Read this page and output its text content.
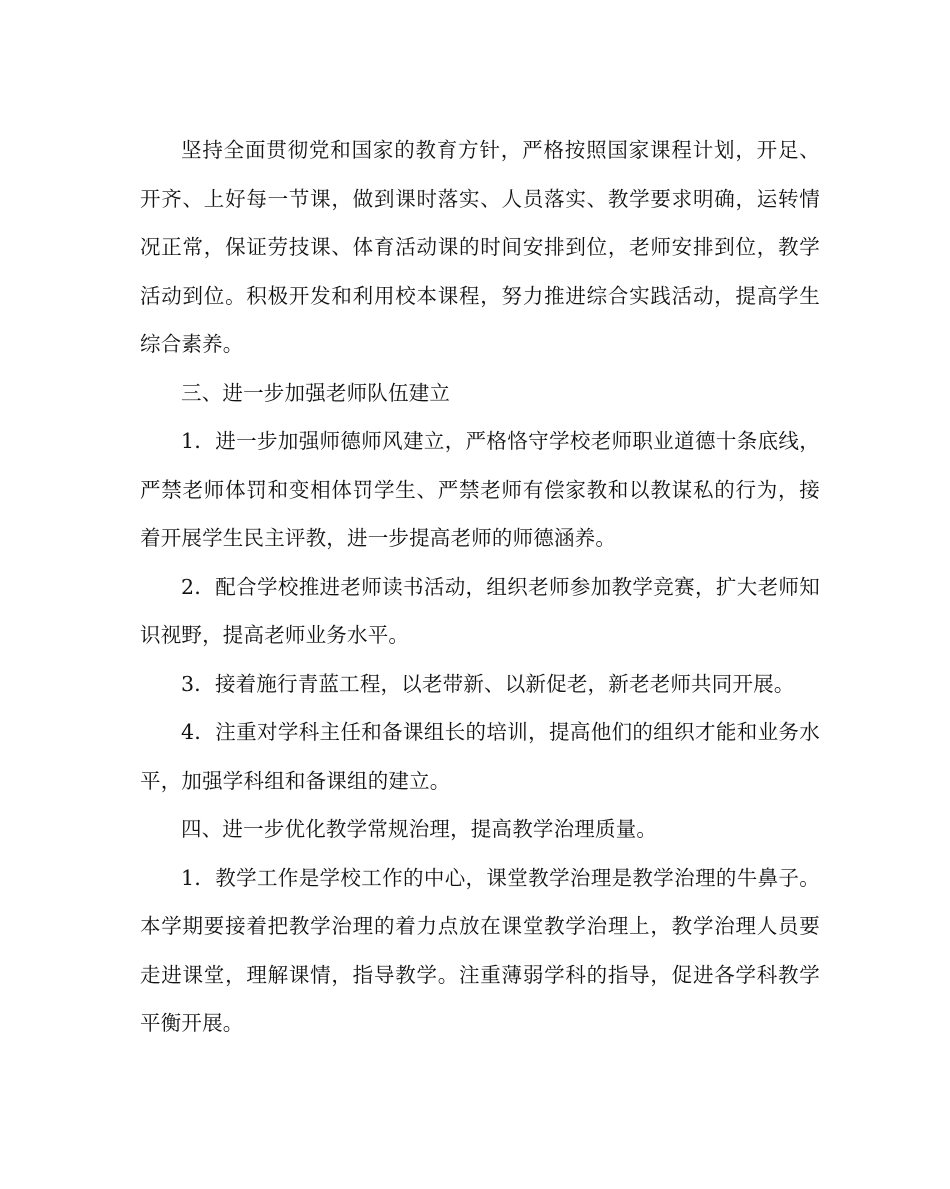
坚持全面贯彻党和国家的教育方针，严格按照国家课程计划，开足、开齐、上好每一节课，做到课时落实、人员落实、教学要求明确，运转情况正常，保证劳技课、体育活动课的时间安排到位，老师安排到位，教学活动到位。积极开发和利用校本课程，努力推进综合实践活动，提高学生综合素养。

三、进一步加强老师队伍建立

1．进一步加强师德师风建立，严格恪守学校老师职业道德十条底线，严禁老师体罚和变相体罚学生、严禁老师有偿家教和以教谋私的行为，接着开展学生民主评教，进一步提高老师的师德涵养。

2．配合学校推进老师读书活动，组织老师参加教学竞赛，扩大老师知识视野，提高老师业务水平。

3．接着施行青蓝工程，以老带新、以新促老，新老老师共同开展。

4．注重对学科主任和备课组长的培训，提高他们的组织才能和业务水平，加强学科组和备课组的建立。

四、进一步优化教学常规治理，提高教学治理质量。

1．教学工作是学校工作的中心，课堂教学治理是教学治理的牛鼻子。本学期要接着把教学治理的着力点放在课堂教学治理上，教学治理人员要走进课堂，理解课情，指导教学。注重薄弱学科的指导，促进各学科教学平衡开展。
